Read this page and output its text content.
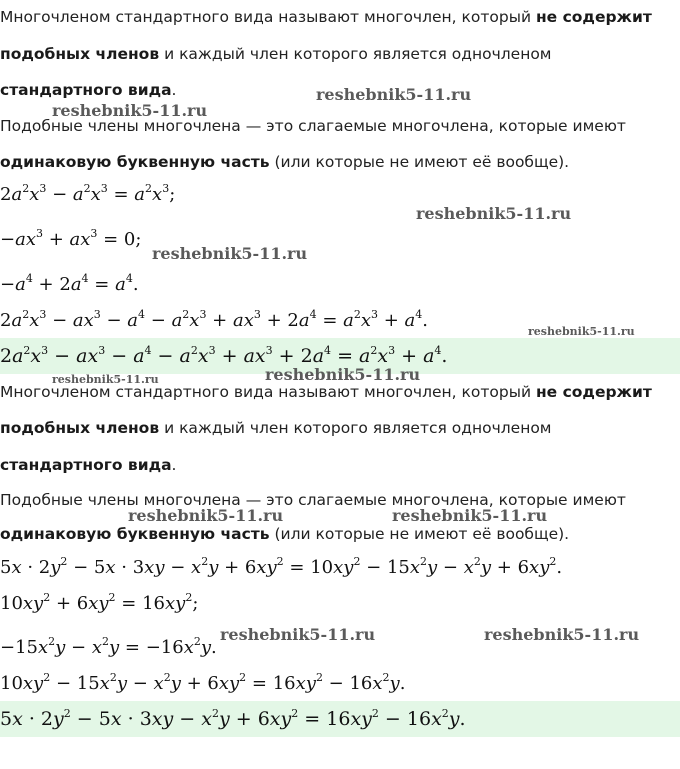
Многочленом стандартного вида называют многочлен, который не содержит
подобных членов и каждый член которого является одночленом
стандартного вида.
Подобные члены многочлена — это слагаемые многочлена, которые имеют
одинаковую буквенную часть (или которые не имеют её вообще).
$2a^2x^3 - a^2x^3 = a^2x^3$;
$-ax^3 + ax^3 = 0$;
$-a^4 + 2a^4 = a^4$.
$2a^2x^3 - ax^3 - a^4 - a^2x^3 + ax^3 + 2a^4 = a^2x^3 + a^4$.
$2a^2x^3 - ax^3 - a^4 - a^2x^3 + ax^3 + 2a^4 = a^2x^3 + a^4$.
Многочленом стандартного вида называют многочлен, который не содержит
подобных членов и каждый член которого является одночленом
стандартного вида.
Подобные члены многочлена — это слагаемые многочлена, которые имеют
одинаковую буквенную часть (или которые не имеют её вообще).
$5x \cdot 2y^2 - 5x \cdot 3xy - x^2y + 6xy^2 = 10xy^2 - 15x^2y - x^2y + 6xy^2$.
$10xy^2 + 6xy^2 = 16xy^2$;
$-15x^2y - x^2y = -16x^2y$.
$10xy^2 - 15x^2y - x^2y + 6xy^2 = 16xy^2 - 16x^2y$.
$5x \cdot 2y^2 - 5x \cdot 3xy - x^2y + 6xy^2 = 16xy^2 - 16x^2y$.
reshebnik5-11.ru
reshebnik5-11.ru
reshebnik5-11.ru
reshebnik5-11.ru
reshebnik5-11.ru
reshebnik5-11.ru
reshebnik5-11.ru
reshebnik5-11.ru	reshebnik5-11.ru
reshebnik5-11.ru	reshebnik5-11.ru
